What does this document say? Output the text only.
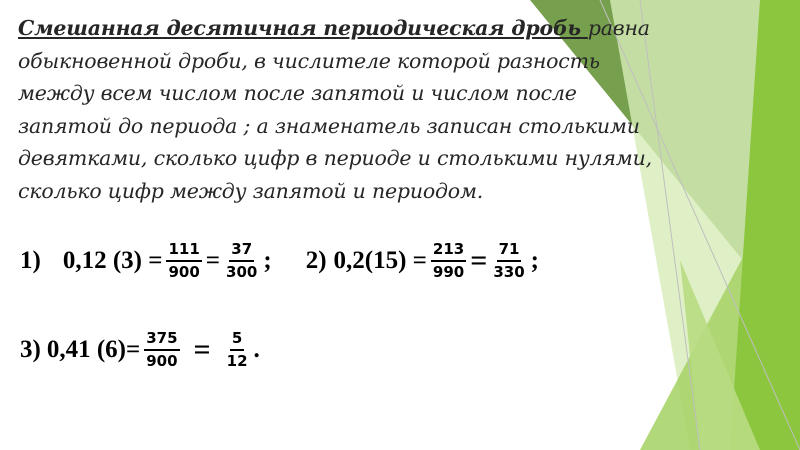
Смешанная десятичная периодическая дробь равна обыкновенной дроби, в числителе которой разность между всем числом после запятой и числом после запятой до периода ; а знаменатель записан столькими девятками, сколько цифр в периоде и столькими нулями, сколько цифр между запятой и периодом.

1) 0,12 $(3) = \frac{111}{900} = \frac{37}{300}$ ; 2) $0,2(15) = \frac{213}{990} = \frac{71}{330}$ ;
3) 0,41 $(6)= \frac{375}{900} = \frac{5}{12}$ .
